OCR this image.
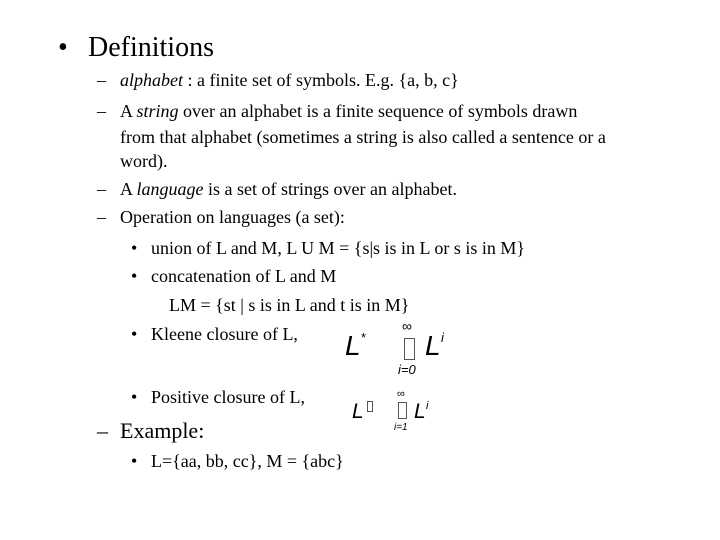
• Definitions
– alphabet : a finite set of symbols. E.g. {a, b, c}
– A string over an alphabet is a finite sequence of symbols drawn
from that alphabet (sometimes a string is also called a sentence or a
word).
– A language is a set of strings over an alphabet.
– Operation on languages (a set):
• union of L and M, L U M = {s|s is in L or s is in M}
• concatenation of L and M
LM = {st | s is in L and t is in M}
• Kleene closure of L, L *
∞
i=0
L i
• Positive closure of L,
L
∞
i=1
L i
– Example:
• L={aa, bb, cc}, M = {abc}
